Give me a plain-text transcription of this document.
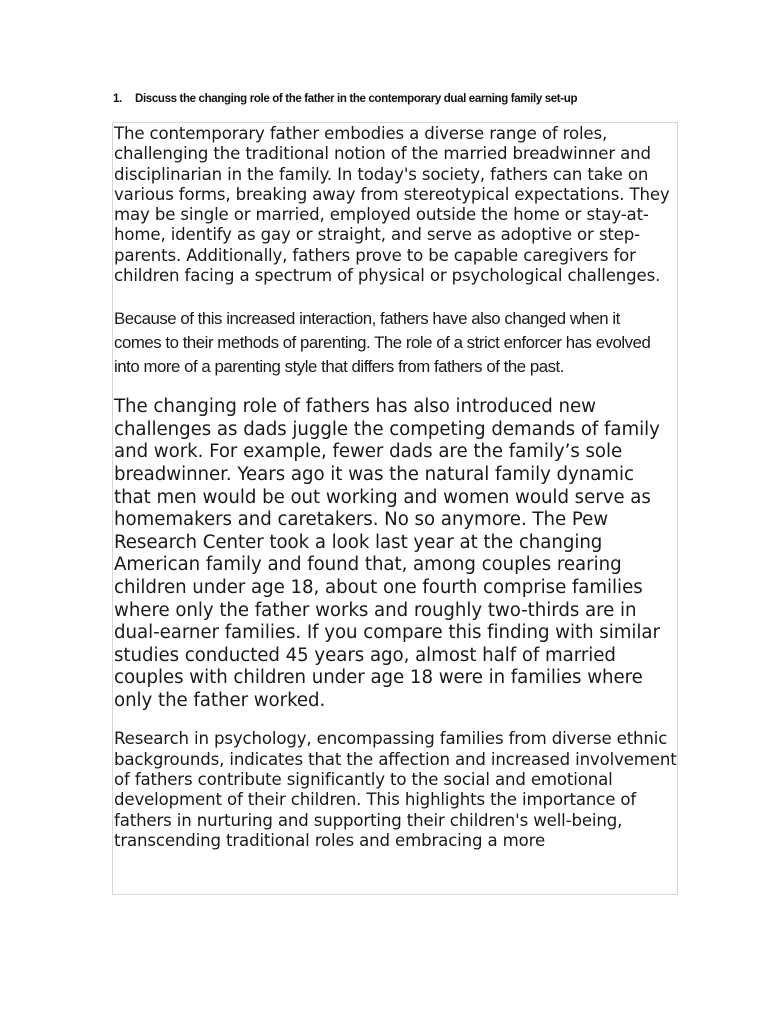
1. Discuss the changing role of the father in the contemporary dual earning family set-up

The contemporary father embodies a diverse range of roles, challenging the traditional notion of the married breadwinner and disciplinarian in the family. In today's society, fathers can take on various forms, breaking away from stereotypical expectations. They may be single or married, employed outside the home or stay-at-home, identify as gay or straight, and serve as adoptive or step-parents. Additionally, fathers prove to be capable caregivers for children facing a spectrum of physical or psychological challenges.

Because of this increased interaction, fathers have also changed when it comes to their methods of parenting. The role of a strict enforcer has evolved into more of a parenting style that differs from fathers of the past.

The changing role of fathers has also introduced new challenges as dads juggle the competing demands of family and work. For example, fewer dads are the family’s sole breadwinner. Years ago it was the natural family dynamic that men would be out working and women would serve as homemakers and caretakers. No so anymore. The Pew Research Center took a look last year at the changing American family and found that, among couples rearing children under age 18, about one fourth comprise families where only the father works and roughly two-thirds are in dual-earner families. If you compare this finding with similar studies conducted 45 years ago, almost half of married couples with children under age 18 were in families where only the father worked.

Research in psychology, encompassing families from diverse ethnic backgrounds, indicates that the affection and increased involvement of fathers contribute significantly to the social and emotional development of their children. This highlights the importance of fathers in nurturing and supporting their children's well-being, transcending traditional roles and embracing a more
